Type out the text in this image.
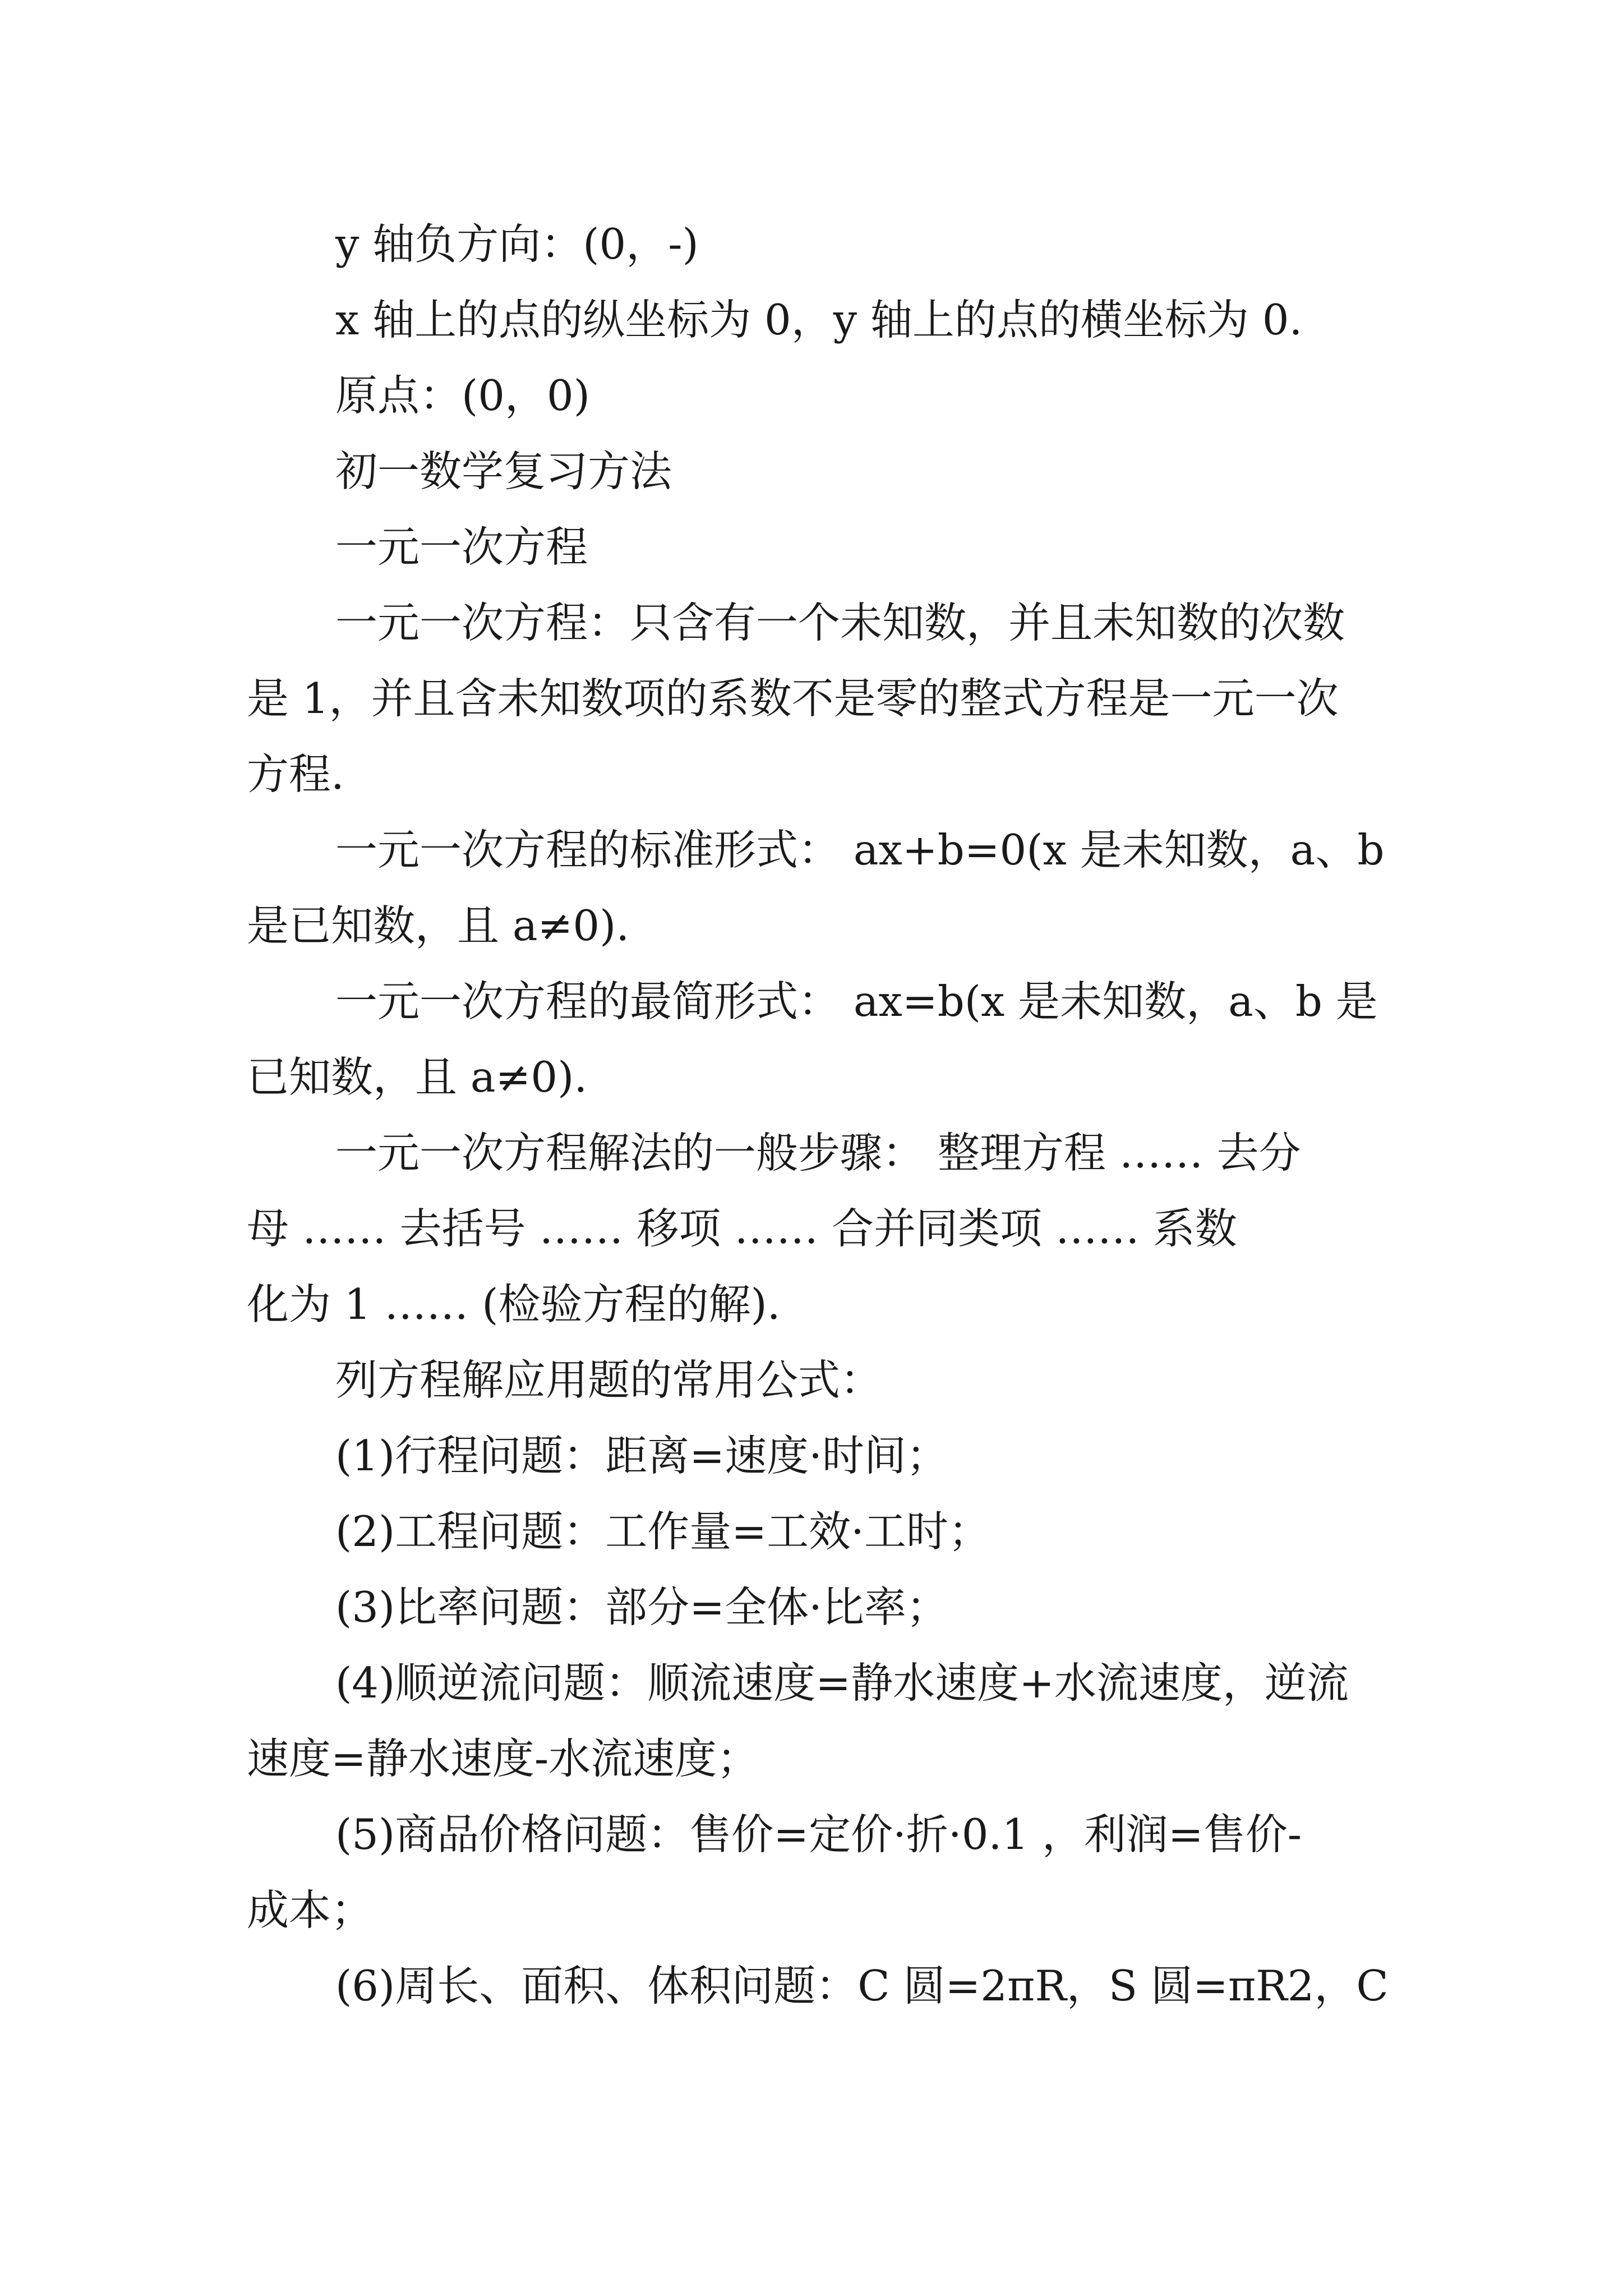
y 轴负方向：(0，-)
x 轴上的点的纵坐标为 0，y 轴上的点的横坐标为 0.
原点：(0，0)
初一数学复习方法
一元一次方程
一元一次方程：只含有一个未知数，并且未知数的次数
是 1，并且含未知数项的系数不是零的整式方程是一元一次
方程.
一元一次方程的标准形式： ax+b=0(x 是未知数，a、b
是已知数，且 a≠0).
一元一次方程的最简形式： ax=b(x 是未知数，a、b 是
已知数，且 a≠0).
一元一次方程解法的一般步骤： 整理方程 …… 去分
母 …… 去括号 …… 移项 …… 合并同类项 …… 系数
化为 1 …… (检验方程的解).
列方程解应用题的常用公式：
(1)行程问题：距离=速度·时间；
(2)工程问题：工作量=工效·工时；
(3)比率问题：部分=全体·比率；
(4)顺逆流问题：顺流速度=静水速度+水流速度，逆流
速度=静水速度-水流速度；
(5)商品价格问题：售价=定价·折·0.1 ，利润=售价-
成本；
(6)周长、面积、体积问题：C 圆=2πR，S 圆=πR2，C
